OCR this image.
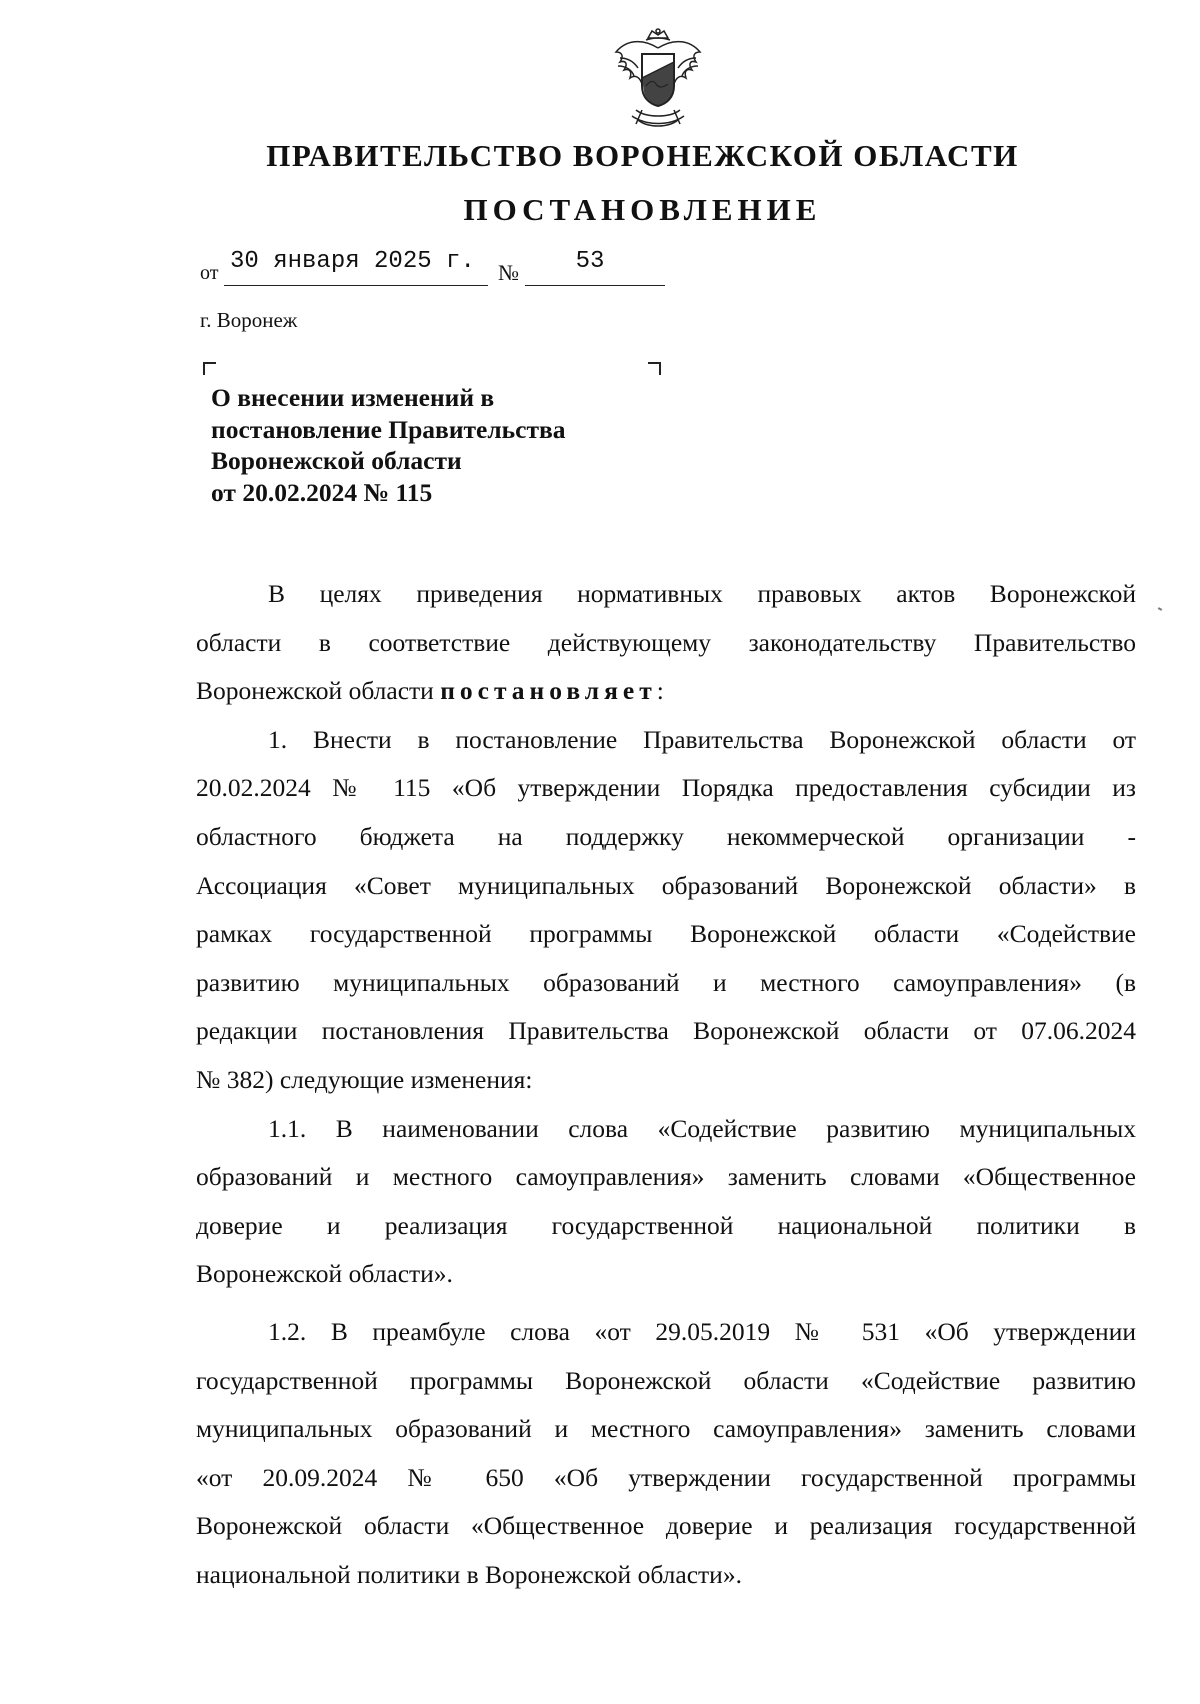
ПРАВИТЕЛЬСТВО ВОРОНЕЖСКОЙ ОБЛАСТИ
ПОСТАНОВЛЕНИЕ
от 30 января 2025 г.	№	53
г. Воронеж
О внесении изменений в
постановление Правительства
Воронежской области
от 20.02.2024 № 115
В целях приведения нормативных правовых актов Воронежской
области в соответствие действующему законодательству Правительство
Воронежской области постановляет:
1. Внести в постановление Правительства Воронежской области от
20.02.2024 № 115 «Об утверждении Порядка предоставления субсидии из
областного бюджета на поддержку некоммерческой организации -
Ассоциация «Совет муниципальных образований Воронежской области» в
рамках государственной программы Воронежской области «Содействие
развитию муниципальных образований и местного самоуправления» (в
редакции постановления Правительства Воронежской области от 07.06.2024
№ 382) следующие изменения:
1.1. В наименовании слова «Содействие развитию муниципальных
образований и местного самоуправления» заменить словами «Общественное
доверие и реализация государственной национальной политики в
Воронежской области».
1.2. В преамбуле слова «от 29.05.2019 № 531 «Об утверждении
государственной программы Воронежской области «Содействие развитию
муниципальных образований и местного самоуправления» заменить словами
«от 20.09.2024 № 650 «Об утверждении государственной программы
Воронежской области «Общественное доверие и реализация государственной
национальной политики в Воронежской области».
